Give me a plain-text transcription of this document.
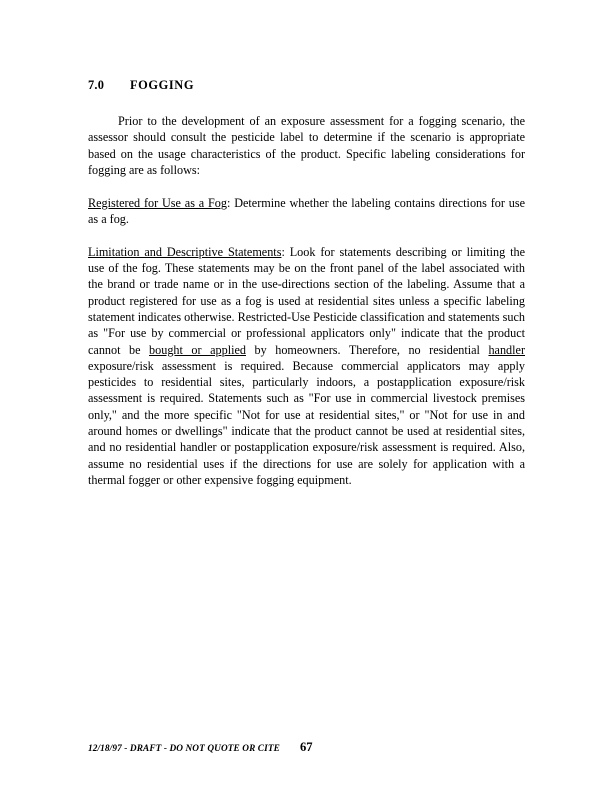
7.0	FOGGING

Prior to the development of an exposure assessment for a fogging scenario, the assessor should consult the pesticide label to determine if the scenario is appropriate based on the usage characteristics of the product. Specific labeling considerations for fogging are as follows:

Registered for Use as a Fog: Determine whether the labeling contains directions for use as a fog.

Limitation and Descriptive Statements: Look for statements describing or limiting the use of the fog. These statements may be on the front panel of the label associated with the brand or trade name or in the use-directions section of the labeling. Assume that a product registered for use as a fog is used at residential sites unless a specific labeling statement indicates otherwise. Restricted-Use Pesticide classification and statements such as "For use by commercial or professional applicators only" indicate that the product cannot be bought or applied by homeowners. Therefore, no residential handler exposure/risk assessment is required. Because commercial applicators may apply pesticides to residential sites, particularly indoors, a postapplication exposure/risk assessment is required. Statements such as "For use in commercial livestock premises only," and the more specific "Not for use at residential sites," or "Not for use in and around homes or dwellings" indicate that the product cannot be used at residential sites, and no residential handler or postapplication exposure/risk assessment is required. Also, assume no residential uses if the directions for use are solely for application with a thermal fogger or other expensive fogging equipment.

12/18/97 - DRAFT - DO NOT QUOTE OR CITE 67
